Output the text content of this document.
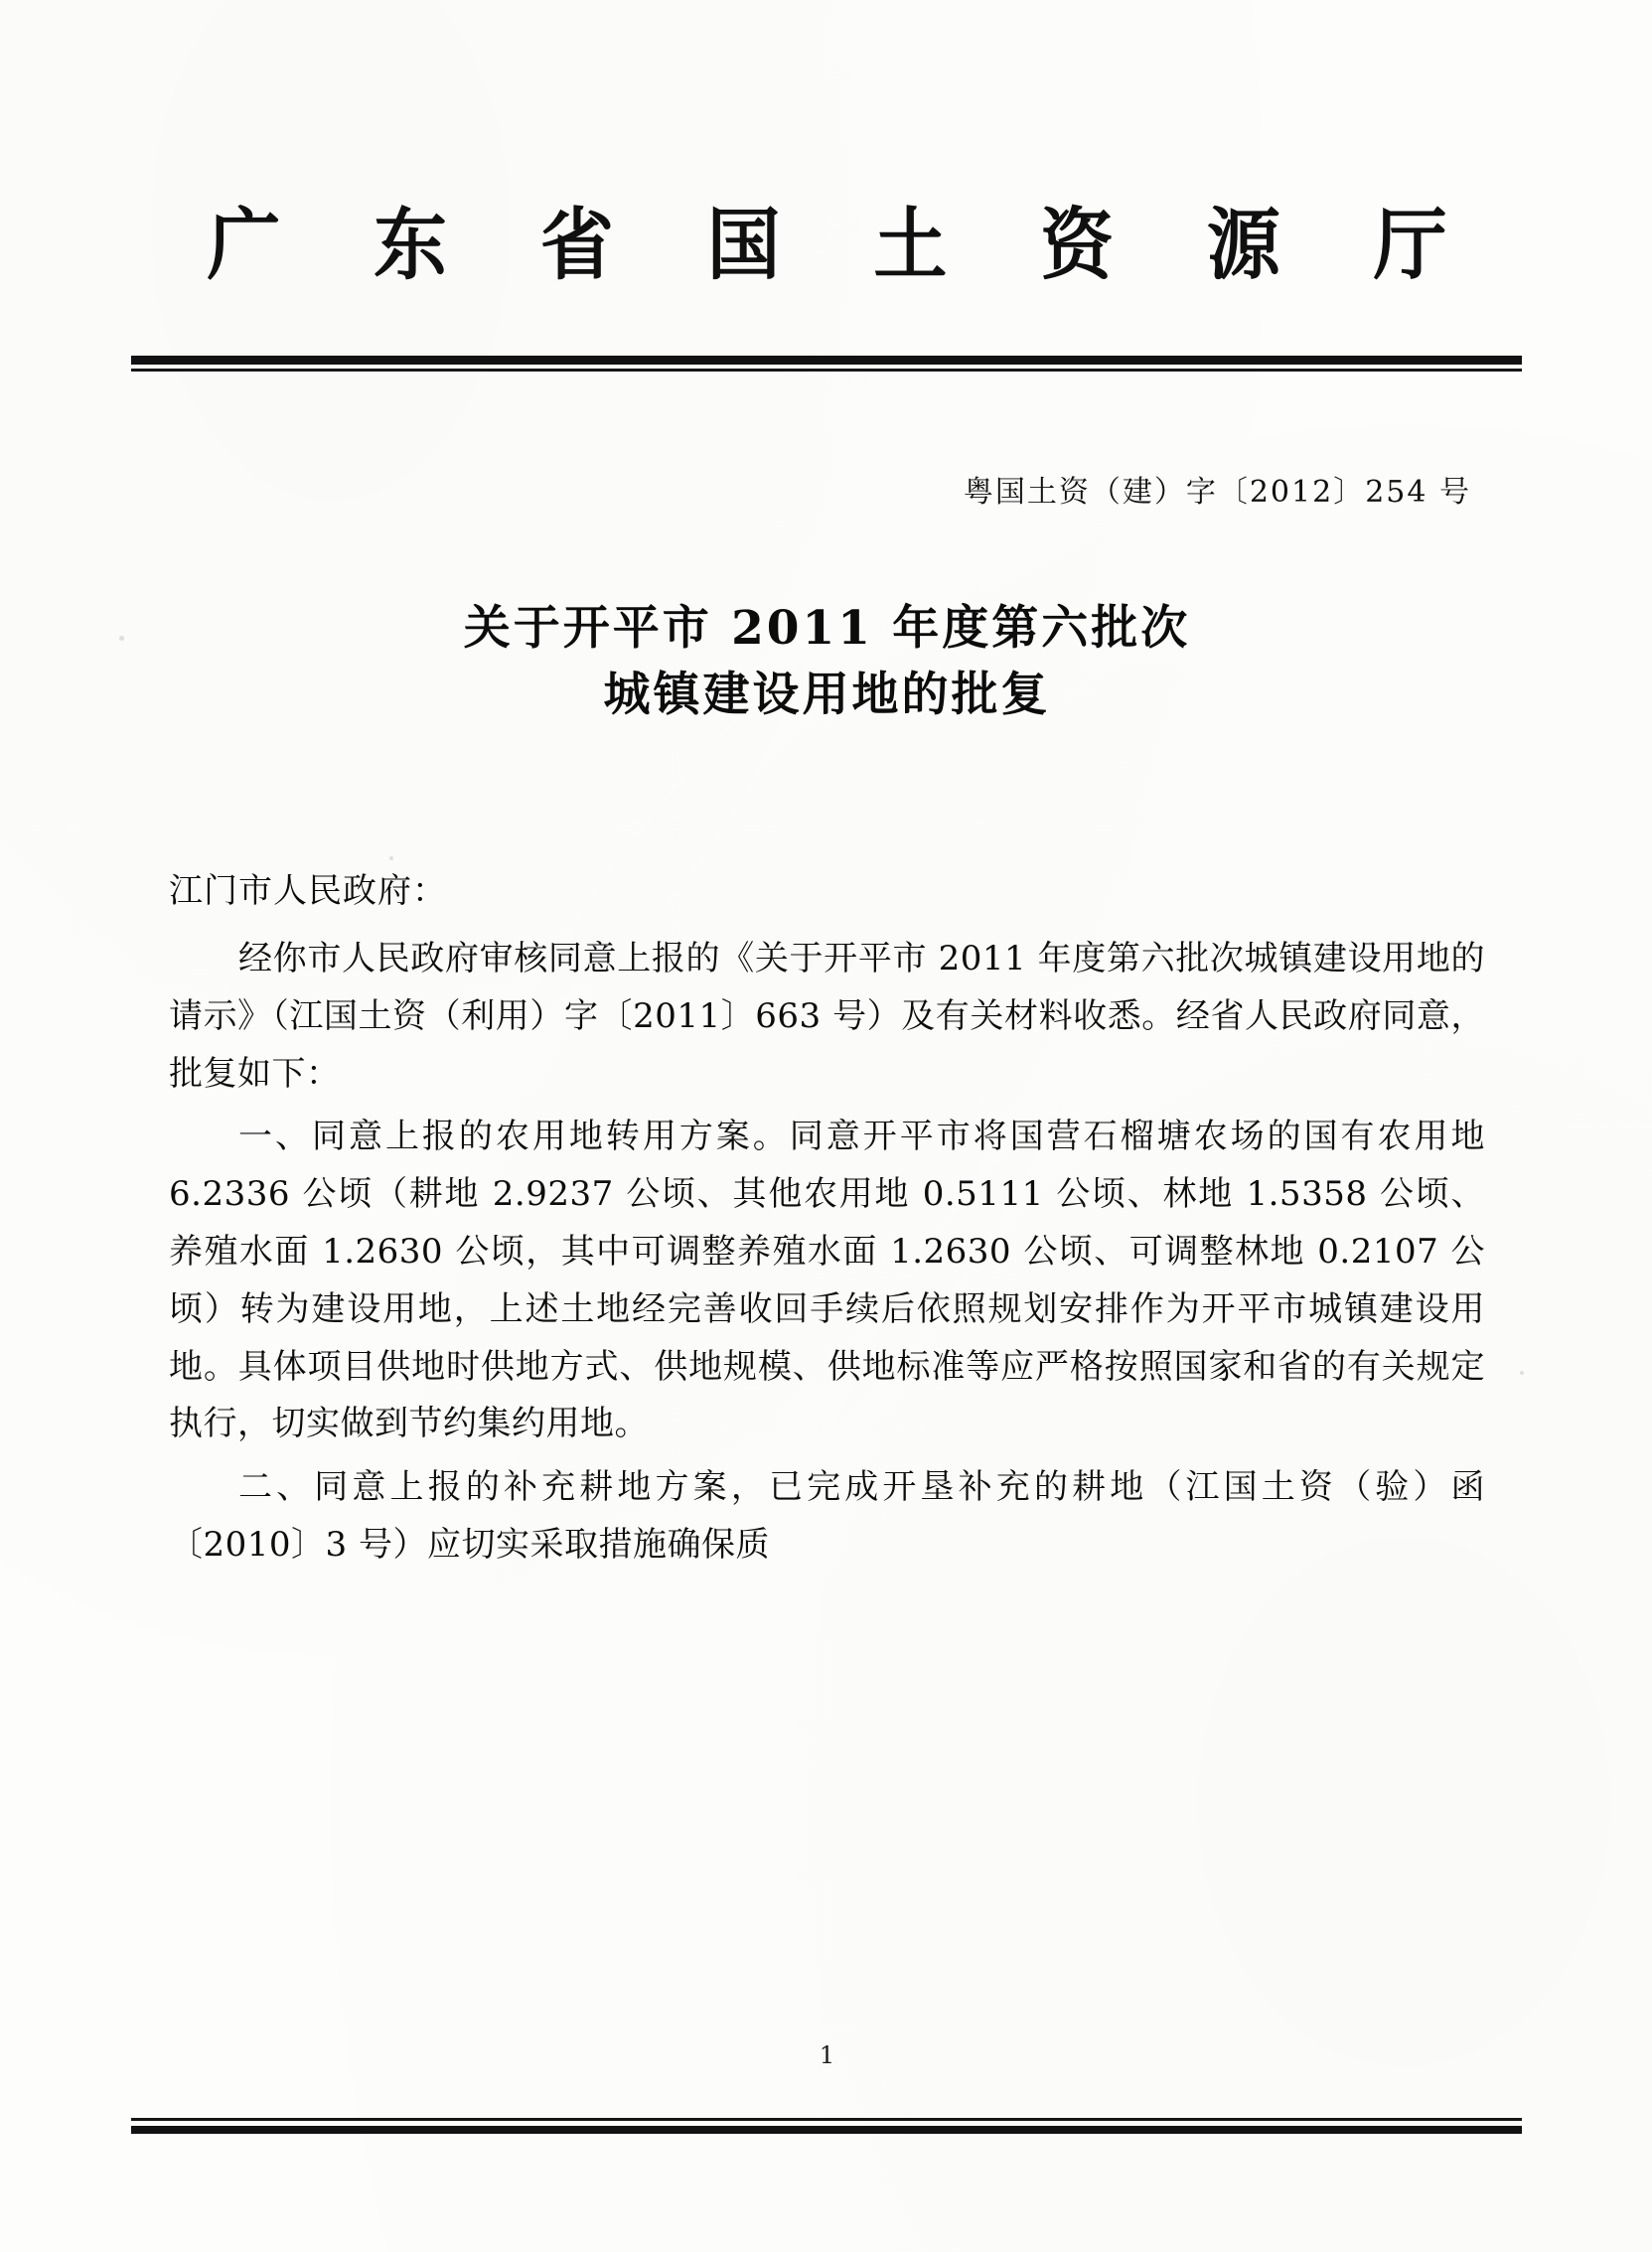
广 东 省 国 土 资 源 厅
粤国土资（建）字〔2012〕254 号
关于开平市 2011 年度第六批次
城镇建设用地的批复
江门市人民政府：

经你市人民政府审核同意上报的《关于开平市 2011 年度第六批次城镇建设用地的请示》（江国土资（利用）字〔2011〕663 号）及有关材料收悉。经省人民政府同意，批复如下：

一、同意上报的农用地转用方案。同意开平市将国营石榴塘农场的国有农用地 6.2336 公顷（耕地 2.9237 公顷、其他农用地 0.5111 公顷、林地 1.5358 公顷、养殖水面 1.2630 公顷，其中可调整养殖水面 1.2630 公顷、可调整林地 0.2107 公顷）转为建设用地，上述土地经完善收回手续后依照规划安排作为开平市城镇建设用地。具体项目供地时供地方式、供地规模、供地标准等应严格按照国家和省的有关规定执行，切实做到节约集约用地。

二、同意上报的补充耕地方案，已完成开垦补充的耕地（江国土资（验）函〔2010〕3 号）应切实采取措施确保质

1
